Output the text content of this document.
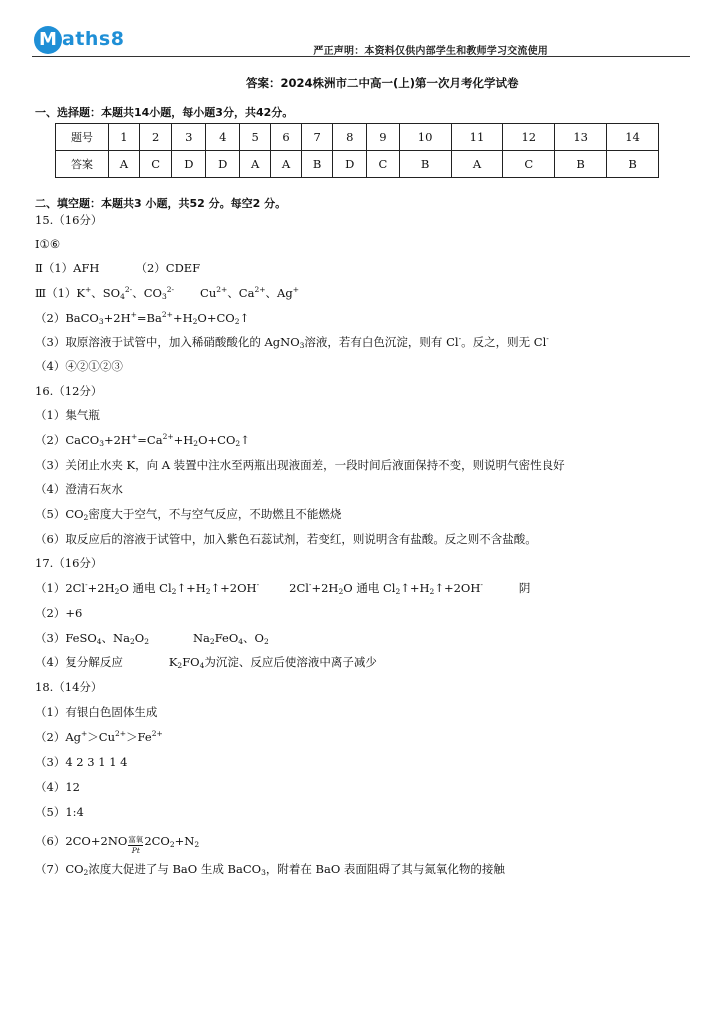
M aths8
严正声明：本资料仅供内部学生和教师学习交流使用
答案：2024株洲市二中高一(上)第一次月考化学试卷
一、选择题：本题共14小题，每小题3分，共42分。
题号	1	2	3	4	5	6	7	8	9	10	11	12	13	14
答案	A	C	D	D	A	A	B	D	C	B	A	C	B	B
二、填空题：本题共3 小题，共52 分。每空2 分。
15.（16分）
Ⅰ①⑥
Ⅱ（1）AFH	（2）CDEF
Ⅲ（1）K+、$SO_4^{2-}$、$CO_3^{2-}$ $Cu^{2+}$、$Ca^{2+}$、Ag+
$(2)BaCO_3+2H^+=Ba^{2+}+H_2O+CO_2↑$
（3）取原溶液于试管中，加入稀硝酸酸化的 AgNO$_3$溶液，若有白色沉淀，则有 Cl-。反之，则无 Cl-
（4）④②①②③
16.（12分）
（1）集气瓶
$(2)CaCO_3+2H^+=Ca^{2+}+H_2O+CO_2↑$
（3）关闭止水夹 K，向 A 装置中注水至两瓶出现液面差，一段时间后液面保持不变，则说明气密性良好
（4）澄清石灰水
$(5)CO_2$密度大于空气，不与空气反应，不助燃且不能燃烧
（6）取反应后的溶液于试管中，加入紫色石蕊试剂，若变红，则说明含有盐酸。反之则不含盐酸。
17.（16分）
$(1)2Cl^-+2H_2O$ 通电 $Cl_2↑+H_2↑+2OH^-$	$2Cl^-+2H_2O$ 通电 $Cl_2↑+H_2↑+2OH^-$	阴
（2）+6
（3）FeSO$_4$、$Na_2O_2$	$Na_2FeO_4$、$O_2$
（4）复分解反应	$K_2FO_4$为沉淀、反应后使溶液中离子减少
18.（14分）
（1）有银白色固体生成
$(2)Ag^+>Cu^{2+}>Fe^{2+}$
（3）4 2 3 1 1 4
（4）12
（5）1:4
$(6)2CO+2NO \frac{\text{富氧}}{Pt} 2CO_2+N_2$
$(7)CO_2$浓度大促进了与 BaO 生成 BaCO$_3$，附着在 BaO 表面阻碍了其与氮氧化物的接触
